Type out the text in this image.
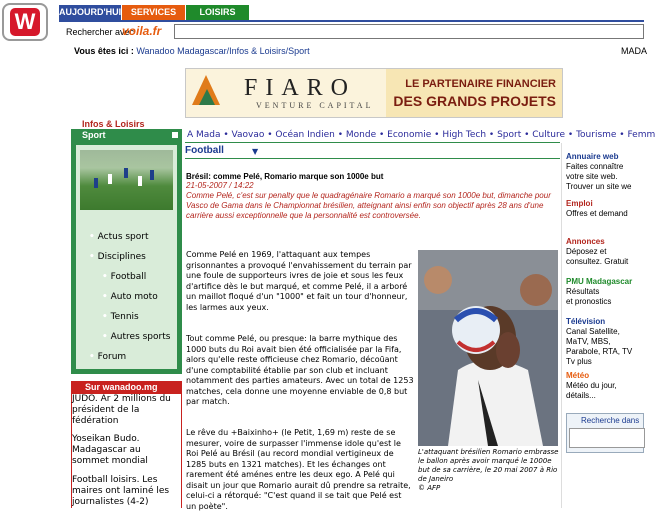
W	AUJOURD'HUI	SERVICES	LOISIRS
Rechercher avec
voila.fr
Vous êtes ici : Wanadoo Madagascar/Infos & Loisirs/Sport	MADA
FIARO
VENTURE CAPITAL
LE PARTENAIRE FINANCIER
DES GRANDS PROJETS
Infos & Loisirs
Sport
• Actus sport
• Disciplines
• Football
• Auto moto
• Tennis
• Autres sports
• Forum
Sur wanadoo.mg
JUDO. Ar 2 millions du président de la fédération
Yoseikan Budo. Madagascar au sommet mondial
Football loisirs. Les maires ont laminé les journalistes (4-2)
A Mada • Vaovao • Océan Indien • Monde • Economie • High Tech • Sport • Culture • Tourisme • Femm
Football	▼
Brésil: comme Pelé, Romario marque son 1000e but
21-05-2007 / 14:22
Comme Pelé, c'est sur penalty que le quadragénaire Romario a marqué son 1000e but, dimanche pour Vasco de Gama dans le Championnat brésilien, atteignant ainsi enfin son objectif après 28 ans d'une carrière aussi exceptionnelle que la personnalité est controversée.
Comme Pelé en 1969, l'attaquant aux tempes grisonnantes a provoqué l'envahissement du terrain par une foule de supporteurs ivres de joie et sous les feux d'artifice dès le but marqué, et comme Pelé, il a arboré un maillot floqué d'un "1000" et fait un tour d'honneur, les larmes aux yeux.
Tout comme Pelé, ou presque: la barre mythique des 1000 buts du Roi avait bien été officialisée par la Fifa, alors qu'elle reste officieuse chez Romario, décoūant d'une comptabilité établie par son club et incluant notamment des parties amateurs. Avec un total de 1253 matches, cela donne une moyenne enviable de 0,8 but par match.
Le rêve du +Baixinho+ (le Petit, 1,69 m) reste de se mesurer, voire de surpasser l'immense idole qu'est le Roi Pelé au Brésil (au record mondial vertigineux de 1285 buts en 1321 matches). Et les échanges ont rarement été aménes entre les deux ego. A Pelé qui disait un jour que Romario aurait dû prendre sa retraite, celui-ci a rétorqué: "C'est quand il se tait que Pelé est un poète".
L'attaquant brésilien Romario embrasse le ballon après avoir marqué le 1000e but de sa carrière, le 20 mai 2007 à Rio de Janeiro
© AFP
Annuaire web
Faites connaître
votre site web.
Trouver un site we
Emploi
Offres et demand
Annonces
Déposez et
consultez. Gratuit
PMU Madagascar
Résultats
et pronostics
Télévision
Canal Satellite,
MaTV, MBS,
Parabole, RTA, TV
Tv plus
Météo
Météo du jour,
détails...
Recherche dans
